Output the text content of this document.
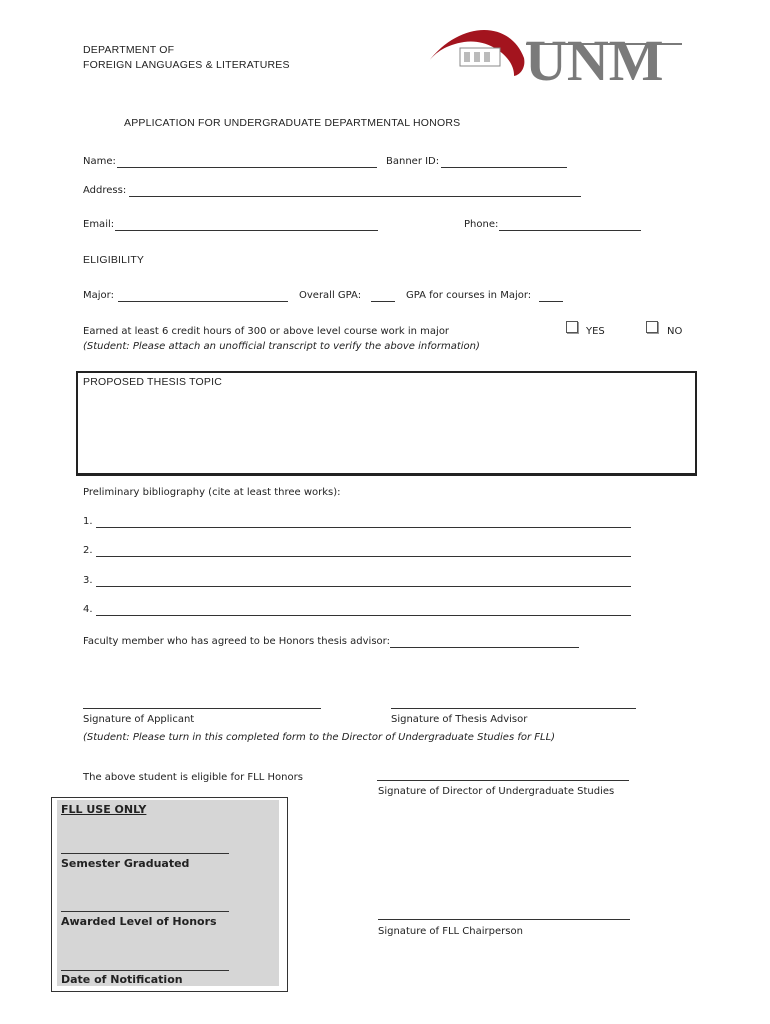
DEPARTMENT OF
FOREIGN LANGUAGES & LITERATURES	UNM
APPLICATION FOR UNDERGRADUATE DEPARTMENTAL HONORS
Name:	Banner ID:
Address:
Email:	Phone:
ELIGIBILITY
Major:	Overall GPA:	GPA for courses in Major:
Earned at least 6 credit hours of 300 or above level course work in major
(Student: Please attach an unofficial transcript to verify the above information)
YES	NO
PROPOSED THESIS TOPIC
Preliminary bibliography (cite at least three works):
1.
2.
3.
4.
Faculty member who has agreed to be Honors thesis advisor:
Signature of Applicant	Signature of Thesis Advisor
(Student: Please turn in this completed form to the Director of Undergraduate Studies for FLL)
The above student is eligible for FLL Honors
Signature of Director of Undergraduate Studies
Signature of FLL Chairperson
FLL USE ONLY
Semester Graduated
Awarded Level of Honors
Date of Notification
